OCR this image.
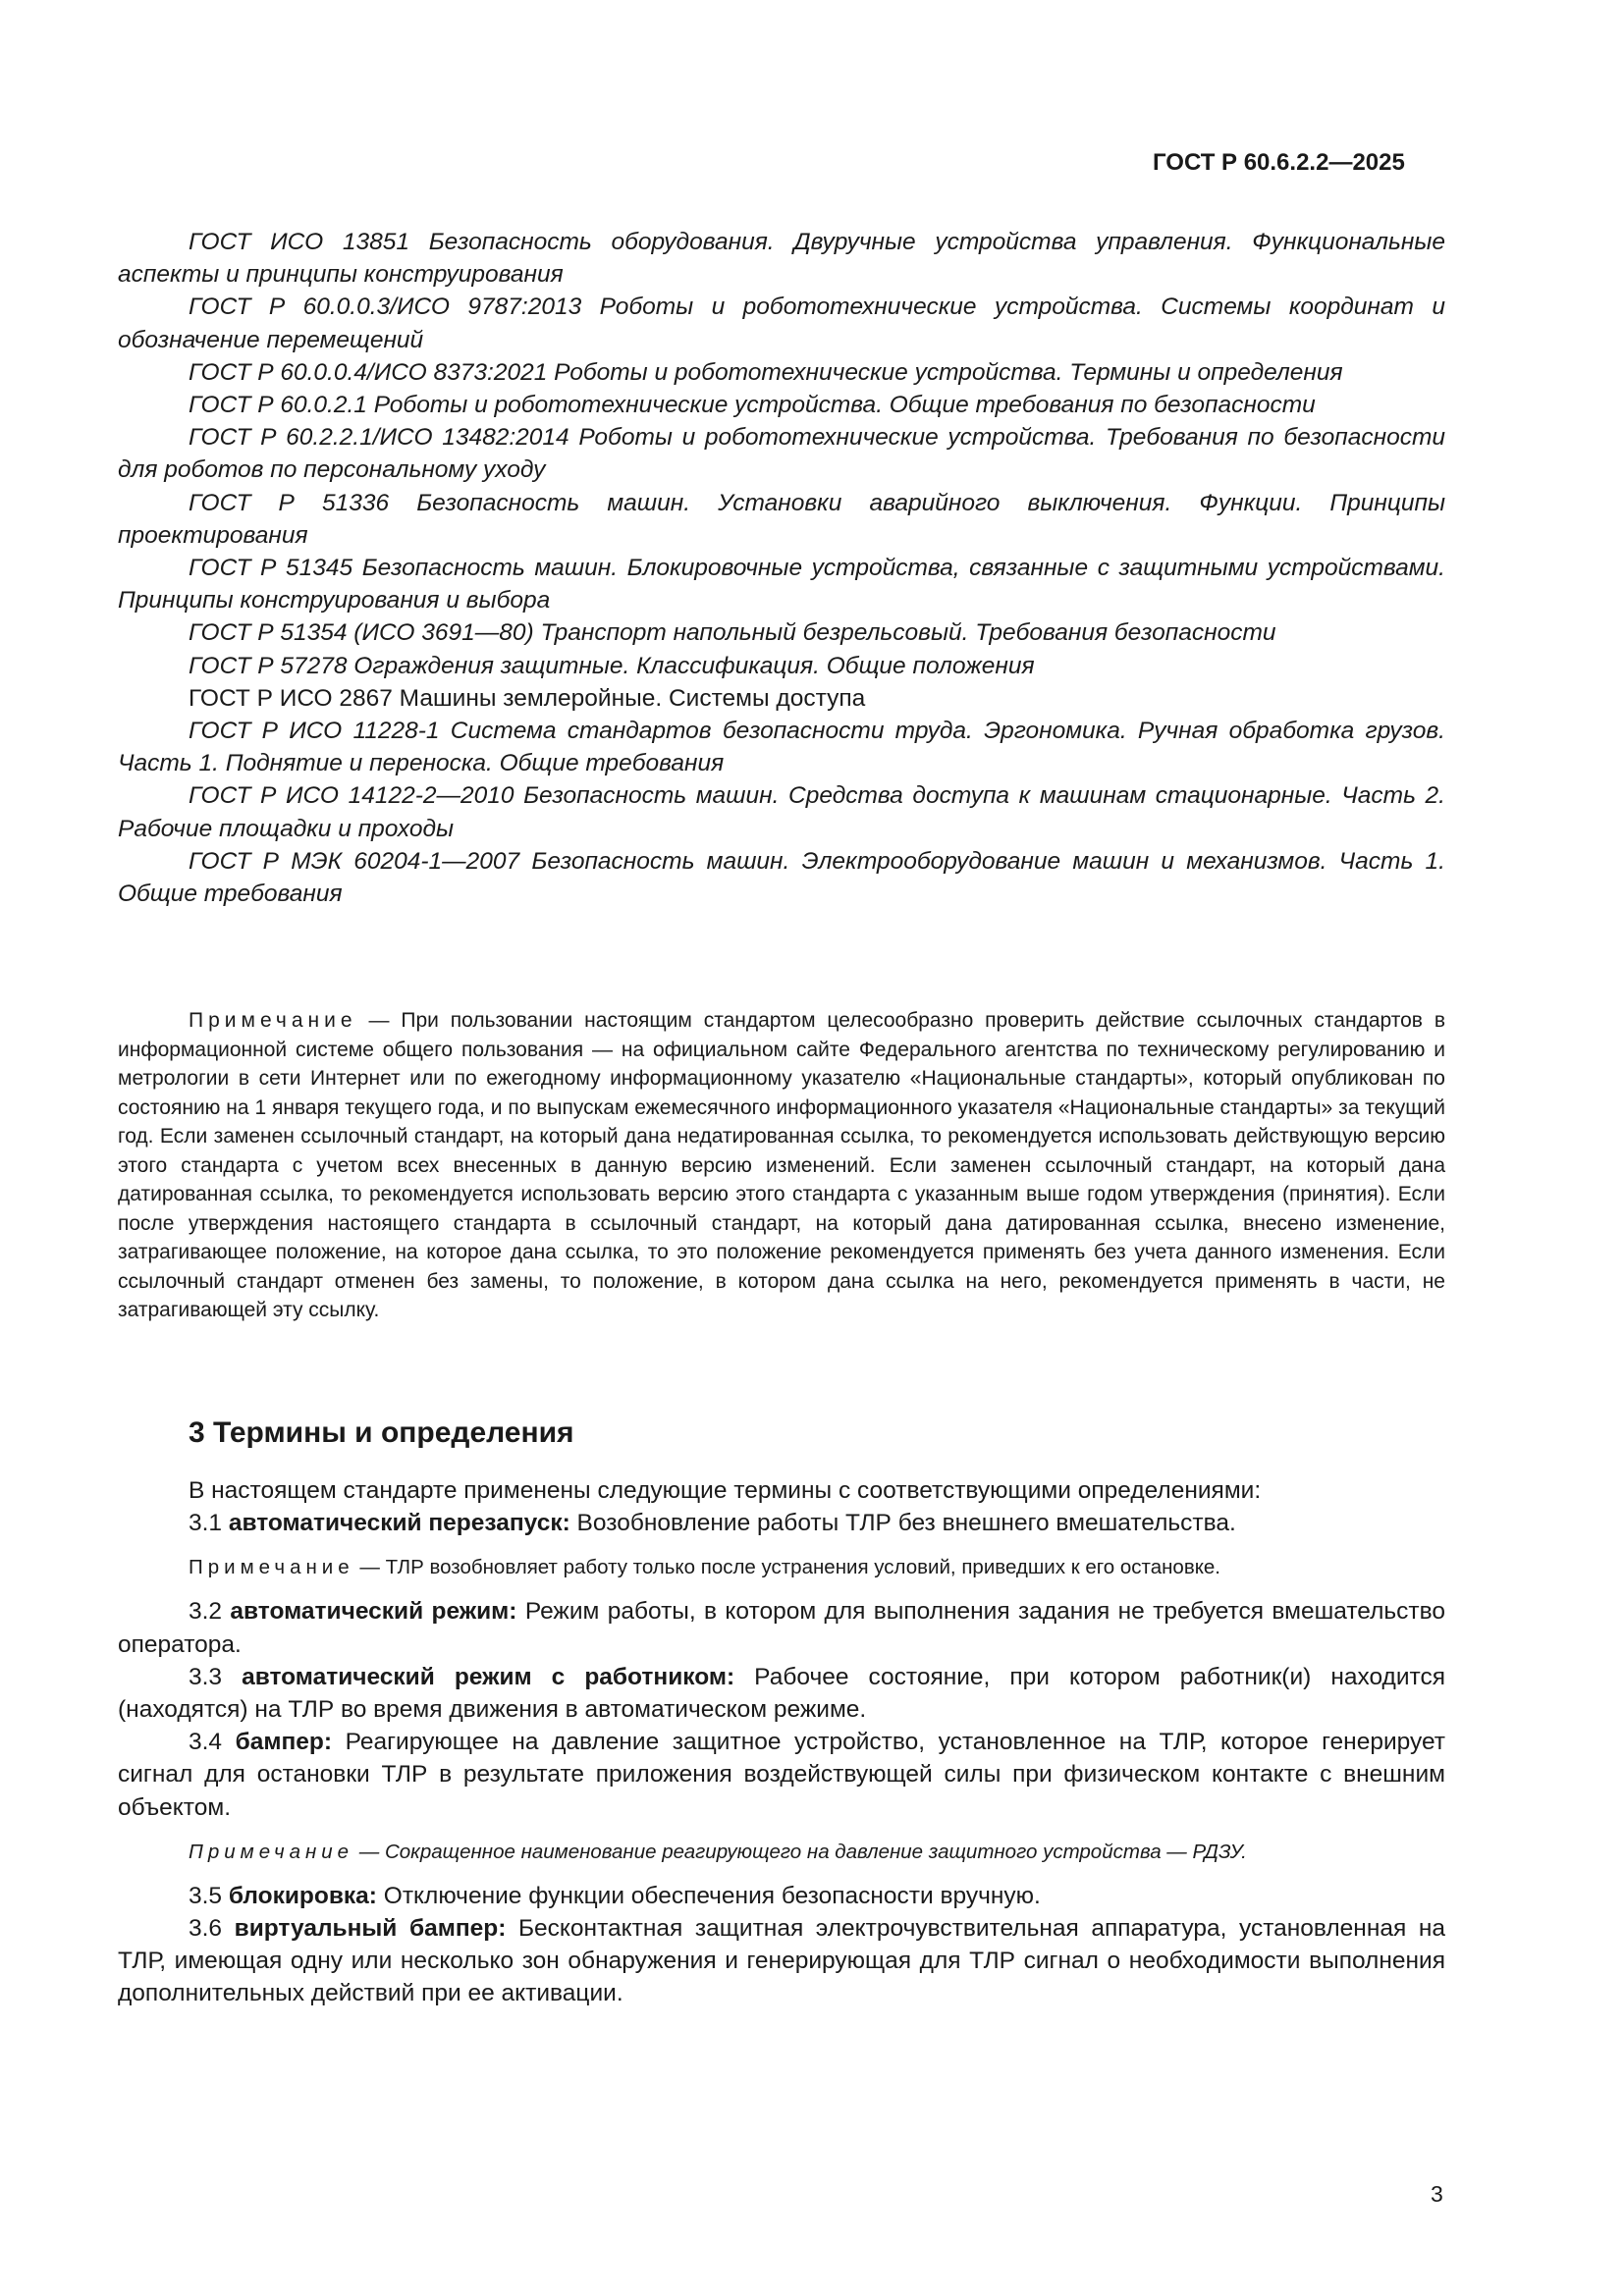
ГОСТ Р 60.6.2.2—2025

ГОСТ ИСО 13851 Безопасность оборудования. Двуручные устройства управления. Функциональные аспекты и принципы конструирования

ГОСТ Р 60.0.0.3/ИСО 9787:2013 Роботы и робототехнические устройства. Системы координат и обозначение перемещений

ГОСТ Р 60.0.0.4/ИСО 8373:2021 Роботы и робототехнические устройства. Термины и определения

ГОСТ Р 60.0.2.1 Роботы и робототехнические устройства. Общие требования по безопасности

ГОСТ Р 60.2.2.1/ИСО 13482:2014 Роботы и робототехнические устройства. Требования по безопасности для роботов по персональному уходу

ГОСТ Р 51336 Безопасность машин. Установки аварийного выключения. Функции. Принципы проектирования

ГОСТ Р 51345 Безопасность машин. Блокировочные устройства, связанные с защитными устройствами. Принципы конструирования и выбора

ГОСТ Р 51354 (ИСО 3691—80) Транспорт напольный безрельсовый. Требования безопасности

ГОСТ Р 57278 Ограждения защитные. Классификация. Общие положения

ГОСТ Р ИСО 2867 Машины землеройные. Системы доступа

ГОСТ Р ИСО 11228-1 Система стандартов безопасности труда. Эргономика. Ручная обработка грузов. Часть 1. Поднятие и переноска. Общие требования

ГОСТ Р ИСО 14122-2—2010 Безопасность машин. Средства доступа к машинам стационарные. Часть 2. Рабочие площадки и проходы

ГОСТ Р МЭК 60204-1—2007 Безопасность машин. Электрооборудование машин и механизмов. Часть 1. Общие требования

Примечание — При пользовании настоящим стандартом целесообразно проверить действие ссылочных стандартов в информационной системе общего пользования — на официальном сайте Федерального агентства по техническому регулированию и метрологии в сети Интернет или по ежегодному информационному указателю «Национальные стандарты», который опубликован по состоянию на 1 января текущего года, и по выпускам ежемесячного информационного указателя «Национальные стандарты» за текущий год. Если заменен ссылочный стандарт, на который дана недатированная ссылка, то рекомендуется использовать действующую версию этого стандарта с учетом всех внесенных в данную версию изменений. Если заменен ссылочный стандарт, на который дана датированная ссылка, то рекомендуется использовать версию этого стандарта с указанным выше годом утверждения (принятия). Если после утверждения настоящего стандарта в ссылочный стандарт, на который дана датированная ссылка, внесено изменение, затрагивающее положение, на которое дана ссылка, то это положение рекомендуется применять без учета данного изменения. Если ссылочный стандарт отменен без замены, то положение, в котором дана ссылка на него, рекомендуется применять в части, не затрагивающей эту ссылку.

3 Термины и определения

В настоящем стандарте применены следующие термины с соответствующими определениями:

3.1 автоматический перезапуск: Возобновление работы ТЛР без внешнего вмешательства.

Примечание — ТЛР возобновляет работу только после устранения условий, приведших к его остановке.

3.2 автоматический режим: Режим работы, в котором для выполнения задания не требуется вмешательство оператора.

3.3 автоматический режим с работником: Рабочее состояние, при котором работник(и) находится (находятся) на ТЛР во время движения в автоматическом режиме.

3.4 бампер: Реагирующее на давление защитное устройство, установленное на ТЛР, которое генерирует сигнал для остановки ТЛР в результате приложения воздействующей силы при физическом контакте с внешним объектом.

Примечание — Сокращенное наименование реагирующего на давление защитного устройства — РДЗУ.

3.5 блокировка: Отключение функции обеспечения безопасности вручную.

3.6 виртуальный бампер: Бесконтактная защитная электрочувствительная аппаратура, установленная на ТЛР, имеющая одну или несколько зон обнаружения и генерирующая для ТЛР сигнал о необходимости выполнения дополнительных действий при ее активации.

3
